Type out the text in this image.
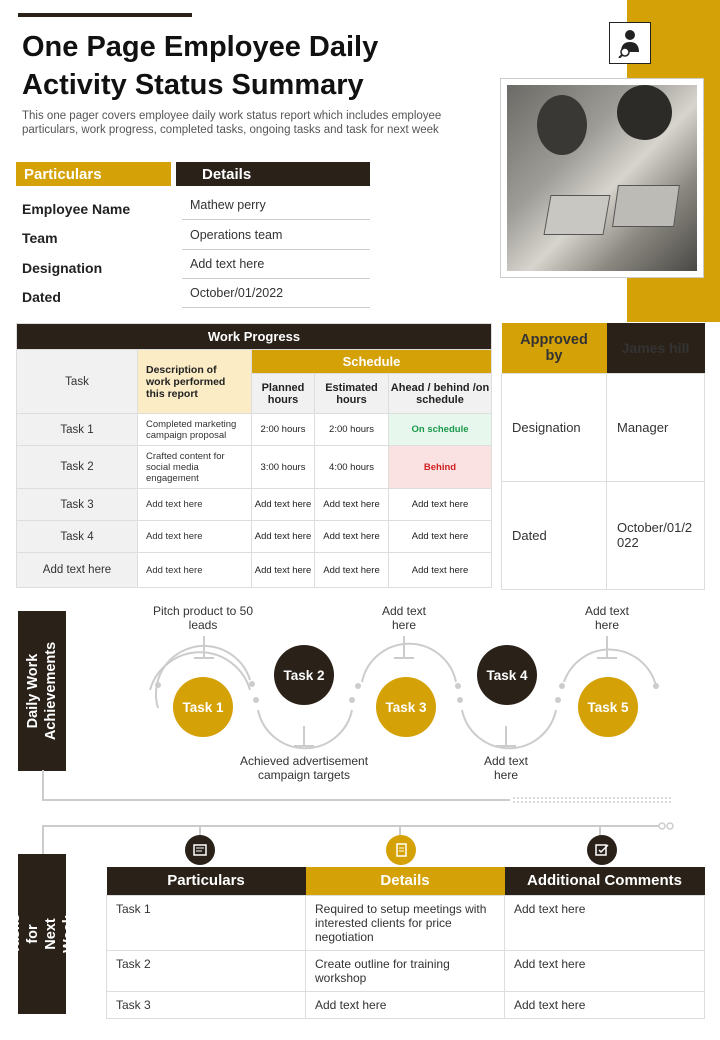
One Page Employee Daily Activity Status Summary
This one pager covers employee daily work status report which includes employee particulars, work progress, completed tasks, ongoing tasks and task for next week
Particulars	Details
Employee Name	Mathew perry
Team	Operations team
Designation	Add text here
Dated	October/01/2022
Work Progress				
Task	Description of work performed this report	Schedule		
		Planned hours	Estimated hours	Ahead / behind /on schedule
Task 1	Completed marketing campaign proposal	2:00 hours	2:00 hours	On schedule
Task 2	Crafted content for social media engagement	3:00 hours	4:00 hours	Behind
Task 3	Add text here	Add text here	Add text here	Add text here
Task 4	Add text here	Add text here	Add text here	Add text here
Add text here	Add text here	Add text here	Add text here	Add text here
Approved by	James hill
Designation	Manager
Dated	October/01/2022
Daily Work Achievements	Task 1
Task 2
Task 3
Task 4
Task 5
Pitch product to 50 leads
Add text here
Add text here
Achieved advertisement campaign targets
Add text here
Tasks for Next Week
Particulars	Details	Additional Comments
Task 1	Required to setup meetings with interested clients for price negotiation	Add text here
Task 2	Create outline for training workshop	Add text here
Task 3	Add text here	Add text here
